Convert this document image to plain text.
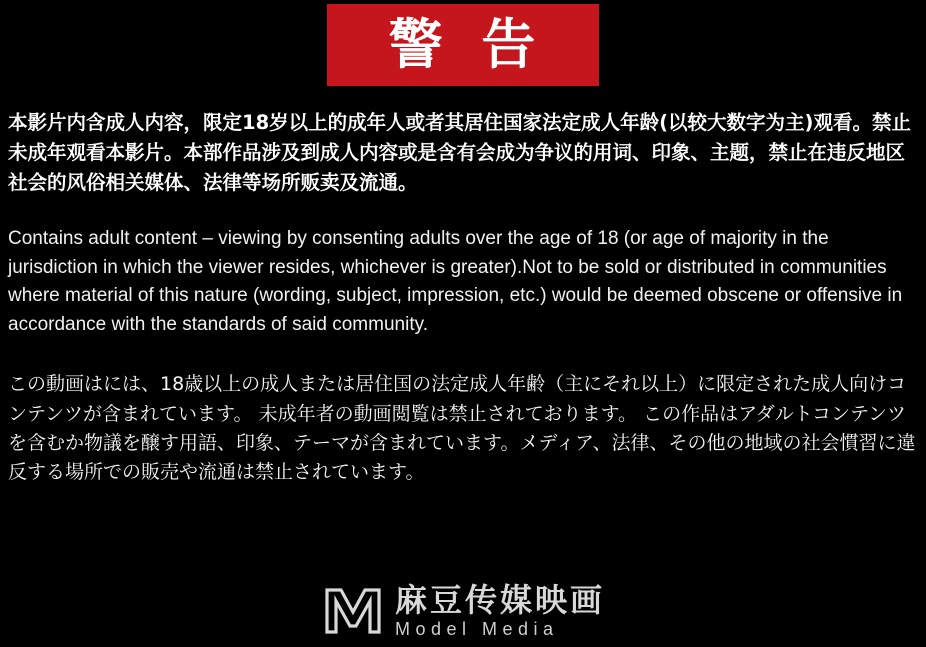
警 告

本影片内含成人内容，限定18岁以上的成年人或者其居住国家法定成人年龄(以较大数字为主)观看。禁止未成年观看本影片。本部作品涉及到成人内容或是含有会成为争议的用词、印象、主题，禁止在违反地区社会的风俗相关媒体、法律等场所贩卖及流通。

Contains adult content – viewing by consenting adults over the age of 18 (or age of majority in the jurisdiction in which the viewer resides, whichever is greater).Not to be sold or distributed in communities where material of this nature (wording, subject, impression, etc.) would be deemed obscene or offensive in accordance with the standards of said community.

この動画はには、18歳以上の成人または居住国の法定成人年齢（主にそれ以上）に限定された成人向けコンテンツが含まれています。 未成年者の動画閲覧は禁止されております。 この作品はアダルトコンテンツを含むか物議を醸す用語、印象、テーマが含まれています。メディア、法律、その他の地域の社会慣習に違反する場所での販売や流通は禁止されています。

麻豆传媒映画
Model Media
